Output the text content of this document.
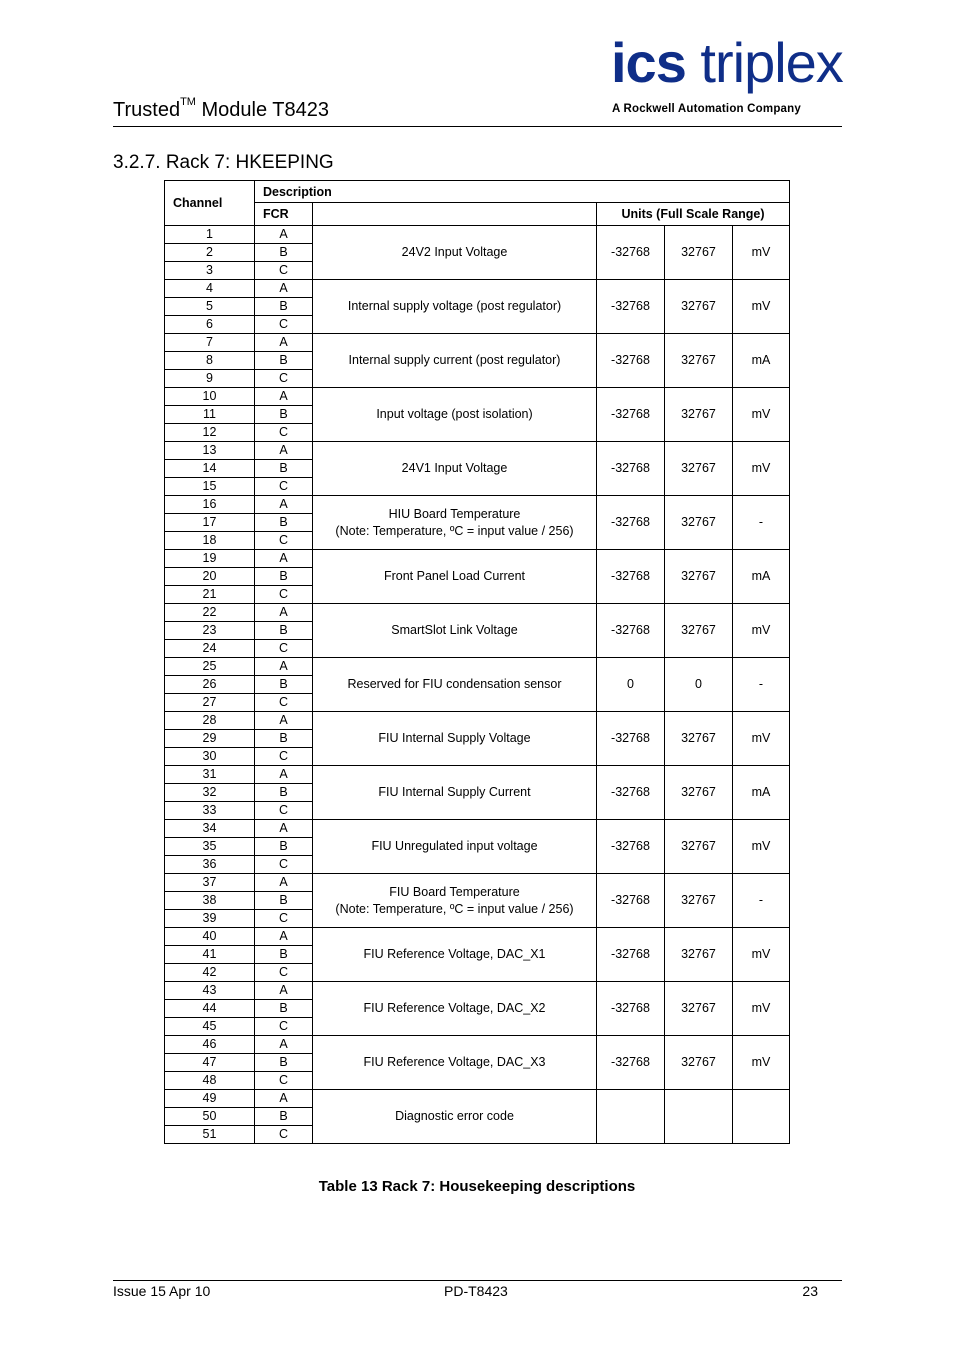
Trusted™ Module T8423
ics triplex
A Rockwell Automation Company
3.2.7. Rack 7: HKEEPING
Channel	Description				
	FCR		Units (Full Scale Range)		
1	A	24V2 Input Voltage	-32768	32767	mV
2	B				
3	C				
4	A	Internal supply voltage (post regulator)	-32768	32767	mV
5	B				
6	C				
7	A	Internal supply current (post regulator)	-32768	32767	mA
8	B				
9	C				
10	A	Input voltage (post isolation)	-32768	32767	mV
11	B				
12	C				
13	A	24V1 Input Voltage	-32768	32767	mV
14	B				
15	C				
16	A	HIU Board Temperature
(Note: Temperature, ºC = input value / 256)	-32768	32767	-
17	B				
18	C				
19	A	Front Panel Load Current	-32768	32767	mA
20	B				
21	C				
22	A	SmartSlot Link Voltage	-32768	32767	mV
23	B				
24	C				
25	A	Reserved for FIU condensation sensor	0	0	-
26	B				
27	C				
28	A	FIU Internal Supply Voltage	-32768	32767	mV
29	B				
30	C				
31	A	FIU Internal Supply Current	-32768	32767	mA
32	B				
33	C				
34	A	FIU Unregulated input voltage	-32768	32767	mV
35	B				
36	C				
37	A	FIU Board Temperature
(Note: Temperature, ºC = input value / 256)	-32768	32767	-
38	B				
39	C				
40	A	FIU Reference Voltage, DAC_X1	-32768	32767	mV
41	B				
42	C				
43	A	FIU Reference Voltage, DAC_X2	-32768	32767	mV
44	B				
45	C				
46	A	FIU Reference Voltage, DAC_X3	-32768	32767	mV
47	B				
48	C				
49	A	Diagnostic error code			

50	B				
51	C				
Table 13 Rack 7: Housekeeping descriptions
Issue 15 Apr 10	PD-T8423	23
